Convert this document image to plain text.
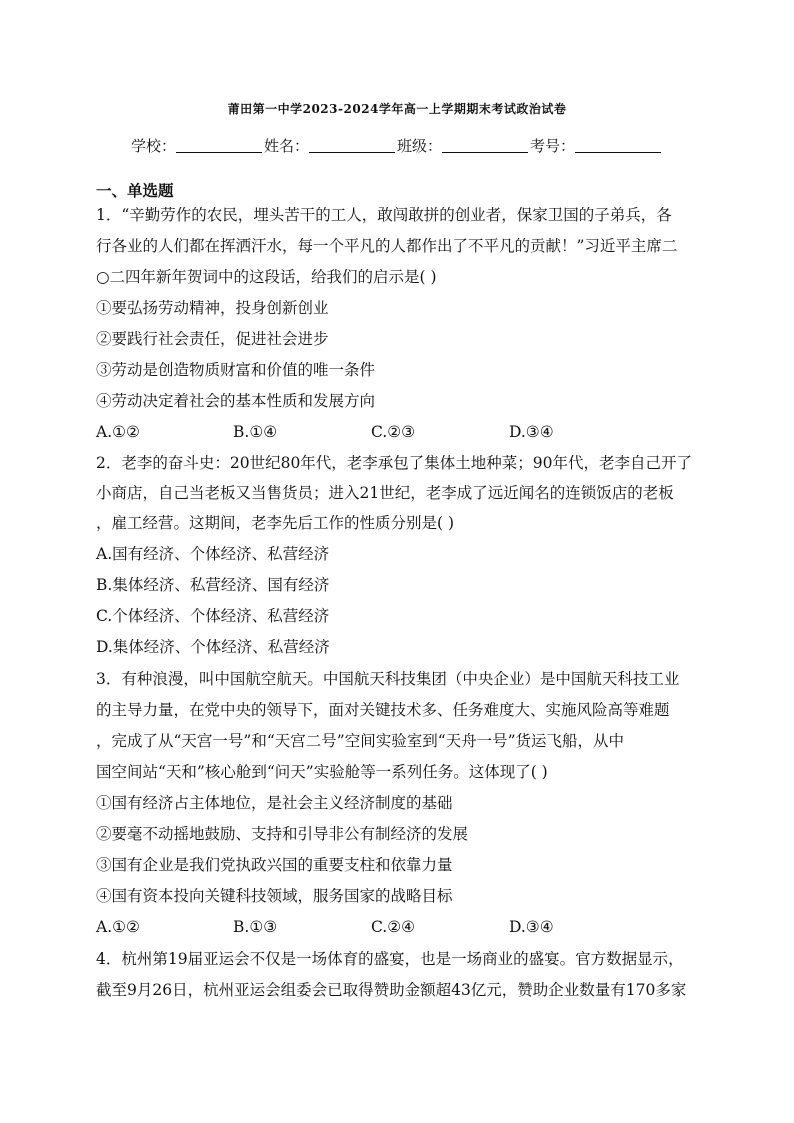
莆田第一中学2023-2024学年高一上学期期末考试政治试卷
学校：	姓名：	班级：	考号：
一、单选题
1．“辛勤劳作的农民，埋头苦干的工人，敢闯敢拼的创业者，保家卫国的子弟兵，各
行各业的人们都在挥洒汗水，每一个平凡的人都作出了不平凡的贡献！”习近平主席二
○二四年新年贺词中的这段话，给我们的启示是( )
①要弘扬劳动精神，投身创新创业
②要践行社会责任，促进社会进步
③劳动是创造物质财富和价值的唯一条件
④劳动决定着社会的基本性质和发展方向
A.①②	B.①④	C.②③	D.③④
2．老李的奋斗史：20世纪80年代，老李承包了集体土地种菜；90年代，老李自己开了
小商店，自己当老板又当售货员；进入21世纪，老李成了远近闻名的连锁饭店的老板
，雇工经营。这期间，老李先后工作的性质分别是( )
A.国有经济、个体经济、私营经济
B.集体经济、私营经济、国有经济
C.个体经济、个体经济、私营经济
D.集体经济、个体经济、私营经济
3．有种浪漫，叫中国航空航天。中国航天科技集团（中央企业）是中国航天科技工业
的主导力量，在党中央的领导下，面对关键技术多、任务难度大、实施风险高等难题
，完成了从“天宫一号”和“天宫二号”空间实验室到“天舟一号”货运飞船，从中
国空间站“天和”核心舱到“问天”实验舱等一系列任务。这体现了( )
①国有经济占主体地位，是社会主义经济制度的基础
②要毫不动摇地鼓励、支持和引导非公有制经济的发展
③国有企业是我们党执政兴国的重要支柱和依靠力量
④国有资本投向关键科技领域，服务国家的战略目标
A.①②	B.①③	C.②④	D.③④
4．杭州第19届亚运会不仅是一场体育的盛宴，也是一场商业的盛宴。官方数据显示，
截至9月26日，杭州亚运会组委会已取得赞助金额超43亿元，赞助企业数量有170多家
